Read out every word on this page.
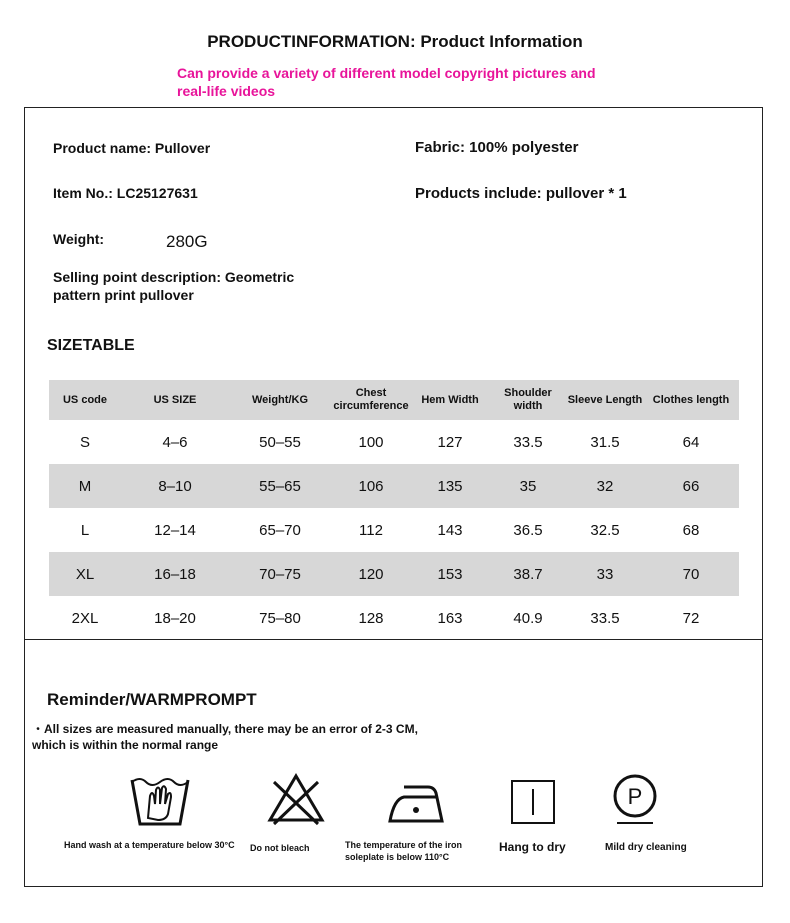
PRODUCTINFORMATION: Product Information
Can provide a variety of different model copyright pictures and real-life videos
Product name: Pullover	Fabric: 100% polyester
Item No.: LC25127631	Products include: pullover * 1
Weight:	280G
Selling point description: Geometric pattern print pullover
SIZETABLE
US code	US SIZE	Weight/KG	Chest circumference	Hem Width	Shoulder width	Sleeve Length	Clothes length
S	4–6	50–55	100	127	33.5	31.5	64
M	8–10	55–65	106	135	35	32	66
L	12–14	65–70	112	143	36.5	32.5	68
XL	16–18	70–75	120	153	38.7	33	70
2XL	18–20	75–80	128	163	40.9	33.5	72
Reminder/WARMPROMPT
・All sizes are measured manually, there may be an error of 2-3 CM, which is within the normal range
P
Hand wash at a temperature below 30°C	Do not bleach	The temperature of the iron soleplate is below 110°C
Hang to dry	Mild dry cleaning
